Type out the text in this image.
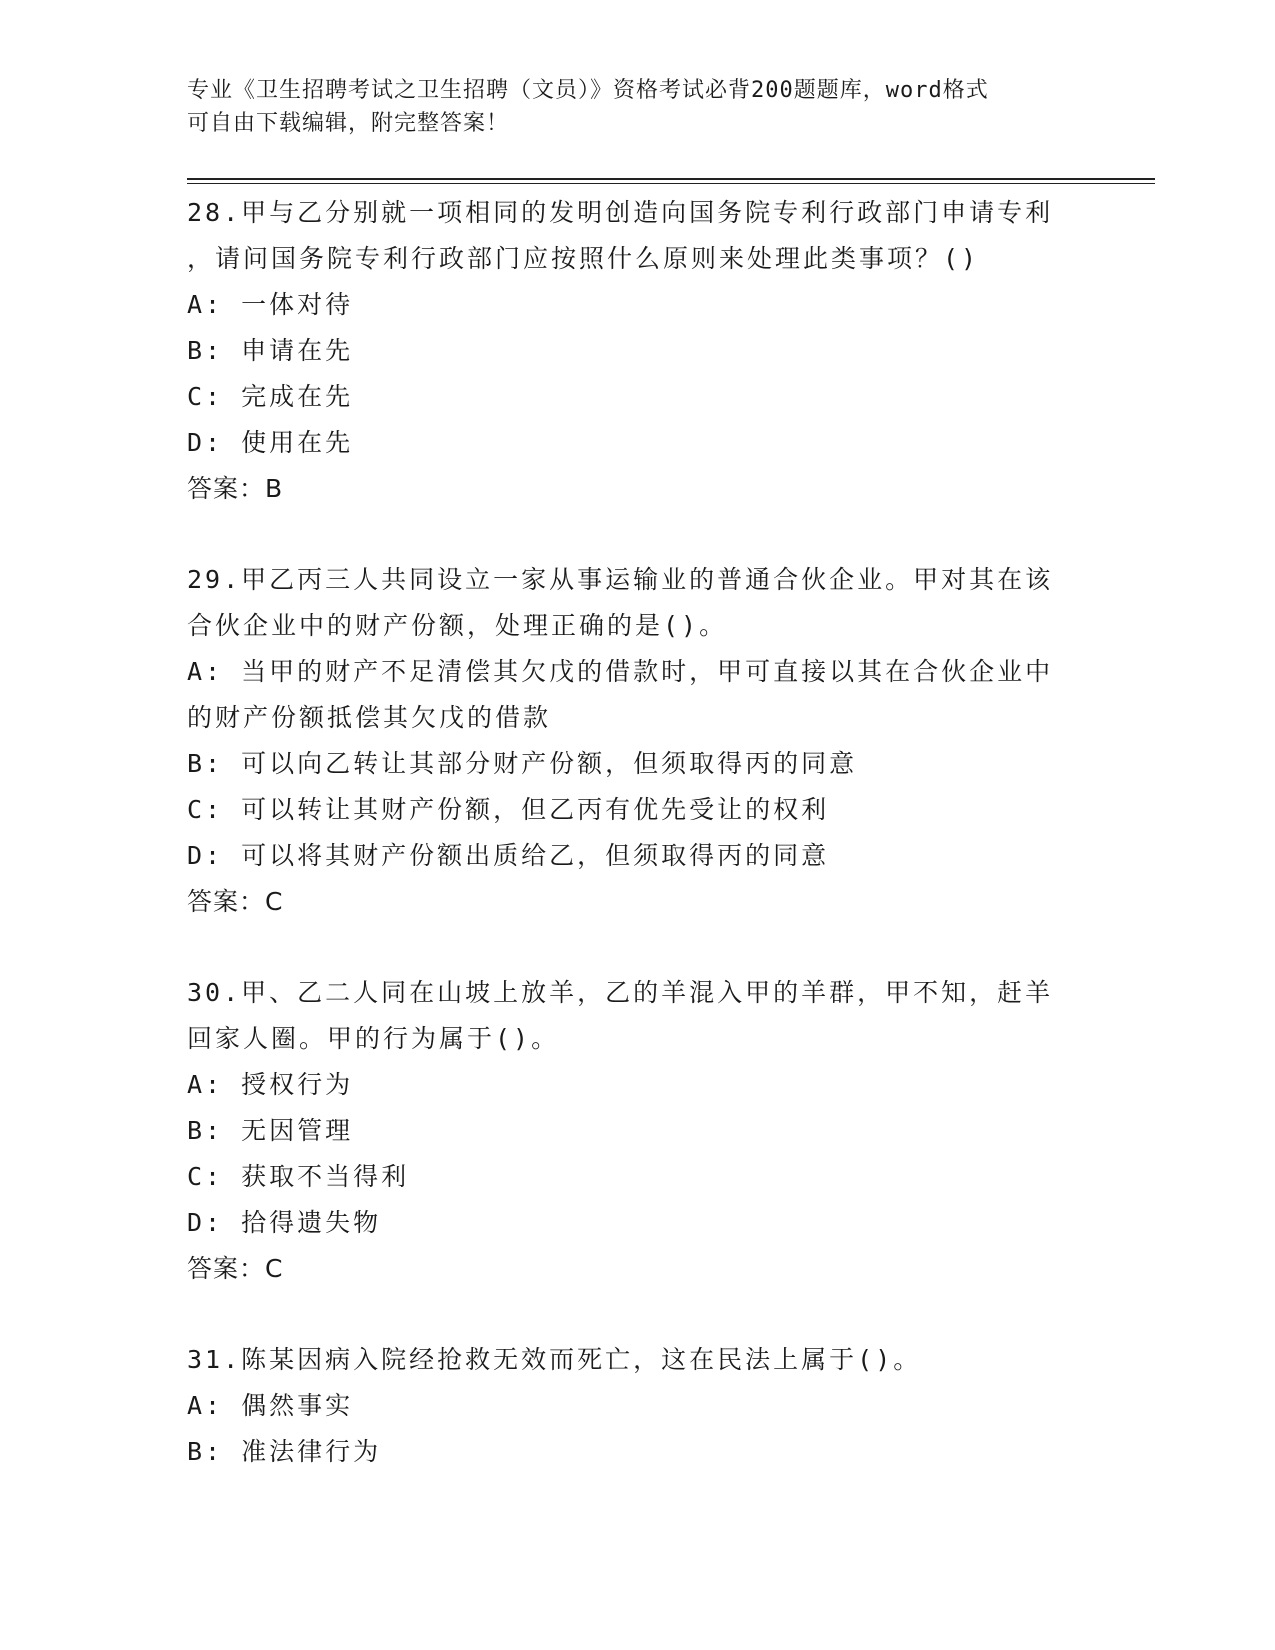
专业《卫生招聘考试之卫生招聘（文员）》资格考试必背200题题库，word格式
可自由下载编辑，附完整答案！
28.甲与乙分别就一项相同的发明创造向国务院专利行政部门申请专利
，请问国务院专利行政部门应按照什么原则来处理此类事项？()
A: 一体对待
B: 申请在先
C: 完成在先
D: 使用在先
答案：B
29.甲乙丙三人共同设立一家从事运输业的普通合伙企业。甲对其在该
合伙企业中的财产份额，处理正确的是()。
A: 当甲的财产不足清偿其欠戊的借款时，甲可直接以其在合伙企业中
的财产份额抵偿其欠戊的借款
B: 可以向乙转让其部分财产份额，但须取得丙的同意
C: 可以转让其财产份额，但乙丙有优先受让的权利
D: 可以将其财产份额出质给乙，但须取得丙的同意
答案：C
30.甲、乙二人同在山坡上放羊，乙的羊混入甲的羊群，甲不知，赶羊
回家人圈。甲的行为属于()。
A: 授权行为
B: 无因管理
C: 获取不当得利
D: 拾得遗失物
答案：C
31.陈某因病入院经抢救无效而死亡，这在民法上属于()。
A: 偶然事实
B: 准法律行为
